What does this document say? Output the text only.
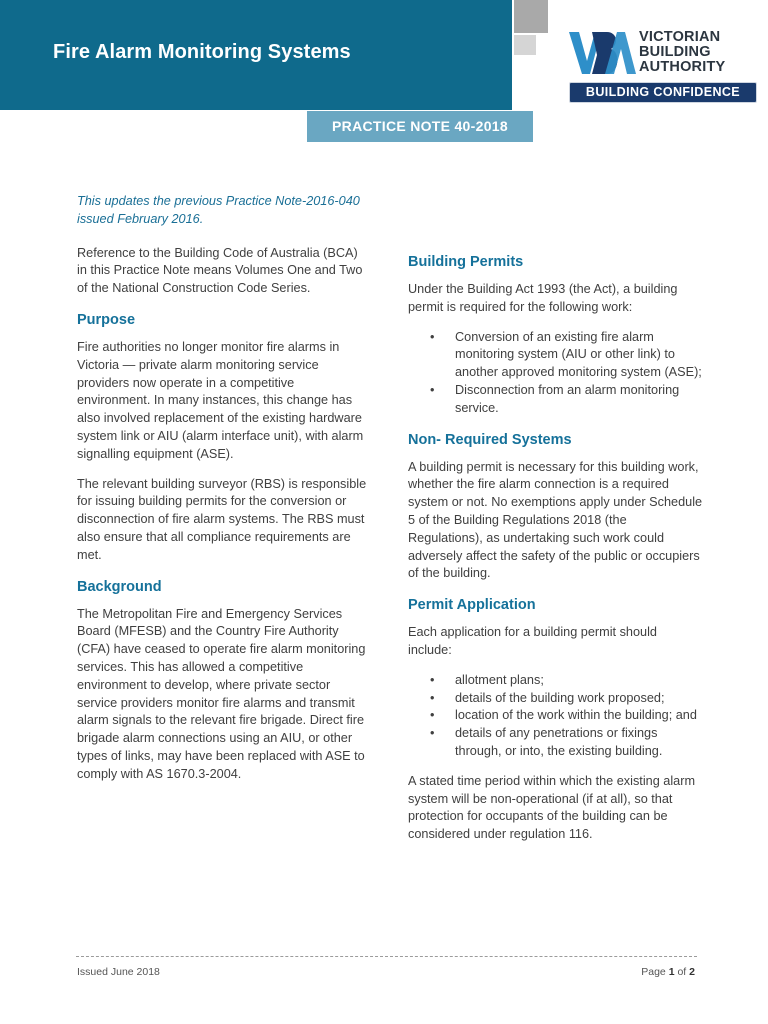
Fire Alarm Monitoring Systems
VICTORIAN
BUILDING
AUTHORITY
BUILDING CONFIDENCE
PRACTICE NOTE 40-2018

This updates the previous Practice Note-2016-040 issued February 2016.

Reference to the Building Code of Australia (BCA) in this Practice Note means Volumes One and Two of the National Construction Code Series.

Purpose

Fire authorities no longer monitor fire alarms in Victoria — private alarm monitoring service providers now operate in a competitive environment. In many instances, this change has also involved replacement of the existing hardware system link or AIU (alarm interface unit), with alarm signalling equipment (ASE).

The relevant building surveyor (RBS) is responsible for issuing building permits for the conversion or disconnection of fire alarm systems. The RBS must also ensure that all compliance requirements are met.

Background

The Metropolitan Fire and Emergency Services Board (MFESB) and the Country Fire Authority (CFA) have ceased to operate fire alarm monitoring services. This has allowed a competitive environment to develop, where private sector service providers monitor fire alarms and transmit alarm signals to the relevant fire brigade. Direct fire brigade alarm connections using an AIU, or other types of links, may have been replaced with ASE to comply with AS 1670.3-2004.

Building Permits

Under the Building Act 1993 (the Act), a building permit is required for the following work:

• Conversion of an existing fire alarm monitoring system (AIU or other link) to another approved monitoring system (ASE);
• Disconnection from an alarm monitoring service.
Non- Required Systems

A building permit is necessary for this building work, whether the fire alarm connection is a required system or not. No exemptions apply under Schedule 5 of the Building Regulations 2018 (the Regulations), as undertaking such work could adversely affect the safety of the public or occupiers of the building.

Permit Application

Each application for a building permit should include:

• allotment plans;
• details of the building work proposed;
• location of the work within the building; and
• details of any penetrations or fixings through, or into, the existing building.

A stated time period within which the existing alarm system will be non-operational (if at all), so that protection for occupants of the building can be considered under regulation 116.

Issued June 2018	Page 1 of 2
